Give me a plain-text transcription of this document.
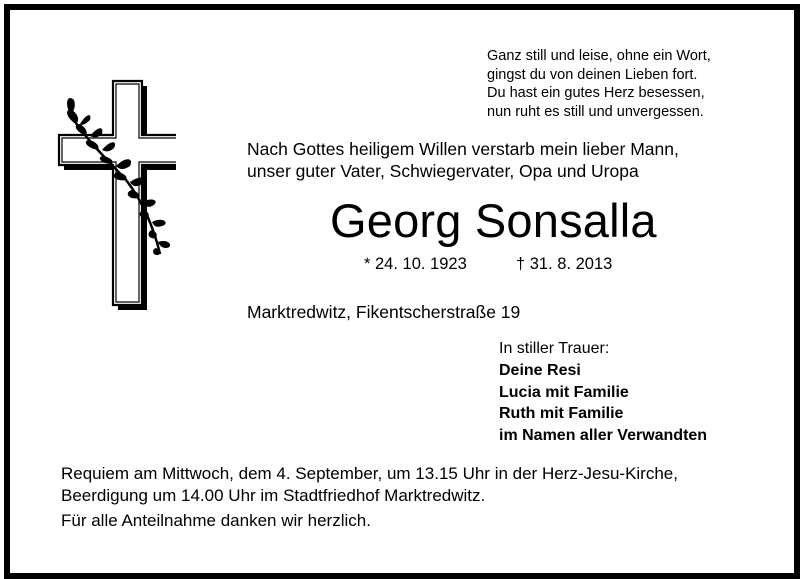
Ganz still und leise, ohne ein Wort,
gingst du von deinen Lieben fort.
Du hast ein gutes Herz besessen,
nun ruht es still und unvergessen.
Nach Gottes heiligem Willen verstarb mein lieber Mann,
unser guter Vater, Schwiegervater, Opa und Uropa
Georg Sonsalla
* 24. 10. 1923	† 31. 8. 2013
Marktredwitz, Fikentscherstraße 19
In stiller Trauer:
Deine Resi
Lucia mit Familie
Ruth mit Familie
im Namen aller Verwandten
Requiem am Mittwoch, dem 4. September, um 13.15 Uhr in der Herz-Jesu-Kirche,
Beerdigung um 14.00 Uhr im Stadtfriedhof Marktredwitz.
Für alle Anteilnahme danken wir herzlich.
